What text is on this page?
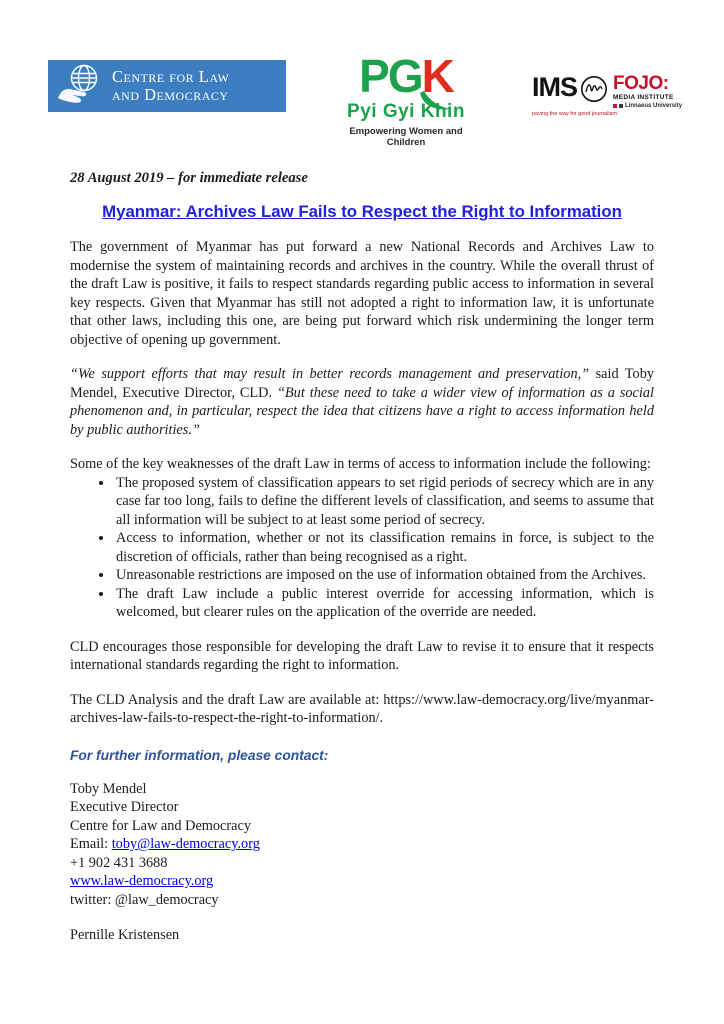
Centre for Law
and Democracy	PGK
Pyi Gyi Khin
Empowering Women and Children
IMS FOJO:
MEDIA INSTITUTE
Linnaeus University
paving the way for good journalism

28 August 2019 – for immediate release

Myanmar: Archives Law Fails to Respect the Right to Information

The government of Myanmar has put forward a new National Records and Archives Law to modernise the system of maintaining records and archives in the country. While the overall thrust of the draft Law is positive, it fails to respect standards regarding public access to information in several key respects. Given that Myanmar has still not adopted a right to information law, it is unfortunate that other laws, including this one, are being put forward which risk undermining the longer term objective of opening up government.

“We support efforts that may result in better records management and preservation,” said Toby Mendel, Executive Director, CLD. “But these need to take a wider view of information as a social phenomenon and, in particular, respect the idea that citizens have a right to access information held by public authorities.”

Some of the key weaknesses of the draft Law in terms of access to information include the following:

• The proposed system of classification appears to set rigid periods of secrecy which are in any case far too long, fails to define the different levels of classification, and seems to assume that all information will be subject to at least some period of secrecy.
• Access to information, whether or not its classification remains in force, is subject to the discretion of officials, rather than being recognised as a right.
• Unreasonable restrictions are imposed on the use of information obtained from the Archives.
• The draft Law include a public interest override for accessing information, which is welcomed, but clearer rules on the application of the override are needed.

CLD encourages those responsible for developing the draft Law to revise it to ensure that it respects international standards regarding the right to information.

The CLD Analysis and the draft Law are available at: https://www.law-democracy.org/live/myanmar-archives-law-fails-to-respect-the-right-to-information/.

For further information, please contact:

Toby Mendel

Executive Director

Centre for Law and Democracy

Email: toby@law-democracy.org

+1 902 431 3688

www.law-democracy.org

twitter: @law_democracy

Pernille Kristensen
